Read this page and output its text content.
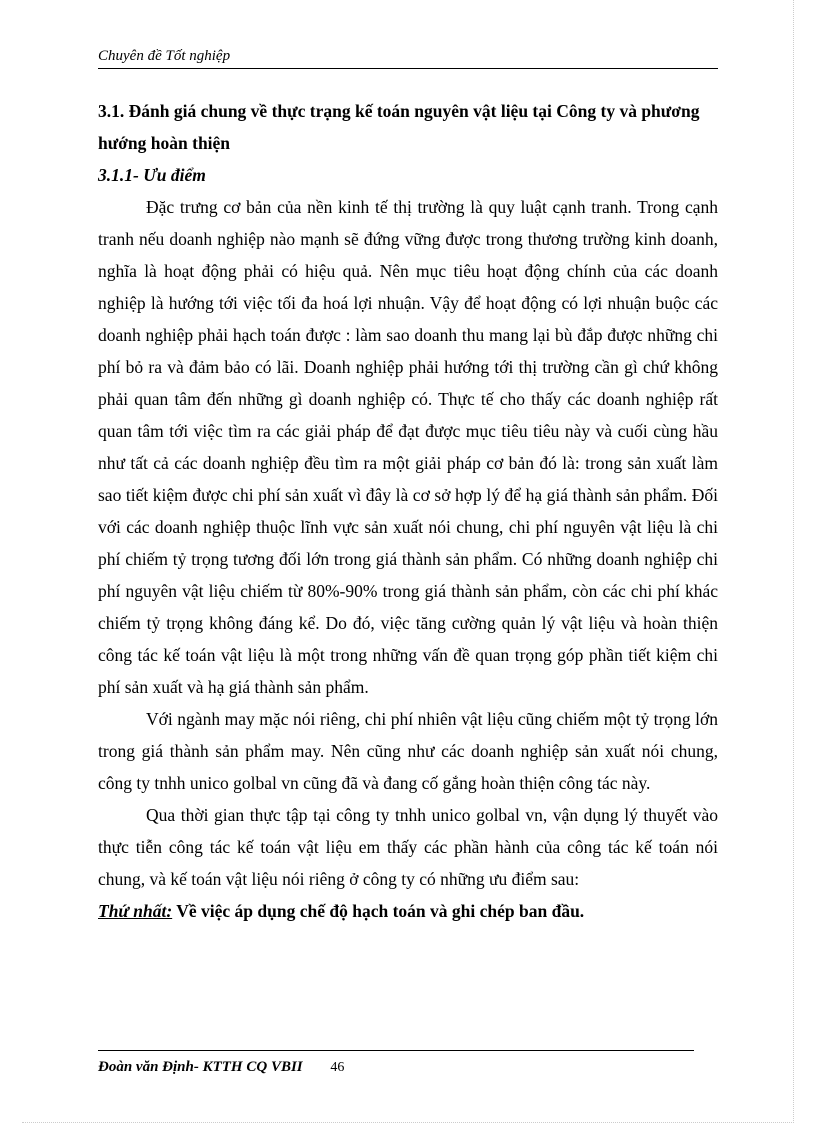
Chuyên đề Tốt nghiệp

3.1. Đánh giá chung về thực trạng kế toán nguyên vật liệu tại Công ty và phương hướng hoàn thiện

3.1.1- Ưu điểm

Đặc trưng cơ bản của nền kinh tế thị trường là quy luật cạnh tranh. Trong cạnh tranh nếu doanh nghiệp nào mạnh sẽ đứng vững được trong thương trường kinh doanh, nghĩa là hoạt động phải có hiệu quả. Nên mục tiêu hoạt động chính của các doanh nghiệp là hướng tới việc tối đa hoá lợi nhuận. Vậy để hoạt động có lợi nhuận buộc các doanh nghiệp phải hạch toán được : làm sao doanh thu mang lại bù đắp được những chi phí bỏ ra và đảm bảo có lãi. Doanh nghiệp phải hướng tới thị trường cần gì chứ không phải quan tâm đến những gì doanh nghiệp có. Thực tế cho thấy các doanh nghiệp rất quan tâm tới việc tìm ra các giải pháp để đạt được mục tiêu tiêu này và cuối cùng hầu như tất cả các doanh nghiệp đều tìm ra một giải pháp cơ bản đó là: trong sản xuất làm sao tiết kiệm được chi phí sản xuất vì đây là cơ sở hợp lý để hạ giá thành sản phẩm. Đối với các doanh nghiệp thuộc lĩnh vực sản xuất nói chung, chi phí nguyên vật liệu là chi phí chiếm tỷ trọng tương đối lớn trong giá thành sản phẩm. Có những doanh nghiệp chi phí nguyên vật liệu chiếm từ 80%-90% trong giá thành sản phẩm, còn các chi phí khác chiếm tỷ trọng không đáng kể. Do đó, việc tăng cường quản lý vật liệu và hoàn thiện công tác kế toán vật liệu là một trong những vấn đề quan trọng góp phần tiết kiệm chi phí sản xuất và hạ giá thành sản phẩm.

Với ngành may mặc nói riêng, chi phí nhiên vật liệu cũng chiếm một tỷ trọng lớn trong giá thành sản phẩm may. Nên cũng như các doanh nghiệp sản xuất nói chung, công ty tnhh unico golbal vn cũng đã và đang cố gắng hoàn thiện công tác này.

Qua thời gian thực tập tại công ty tnhh unico golbal vn, vận dụng lý thuyết vào thực tiễn công tác kế toán vật liệu em thấy các phần hành của công tác kế toán nói chung, và kế toán vật liệu nói riêng ở công ty có những ưu điểm sau:

Thứ nhất: Về việc áp dụng chế độ hạch toán và ghi chép ban đầu.

Đoàn văn Định- KTTH CQ VBII 46
